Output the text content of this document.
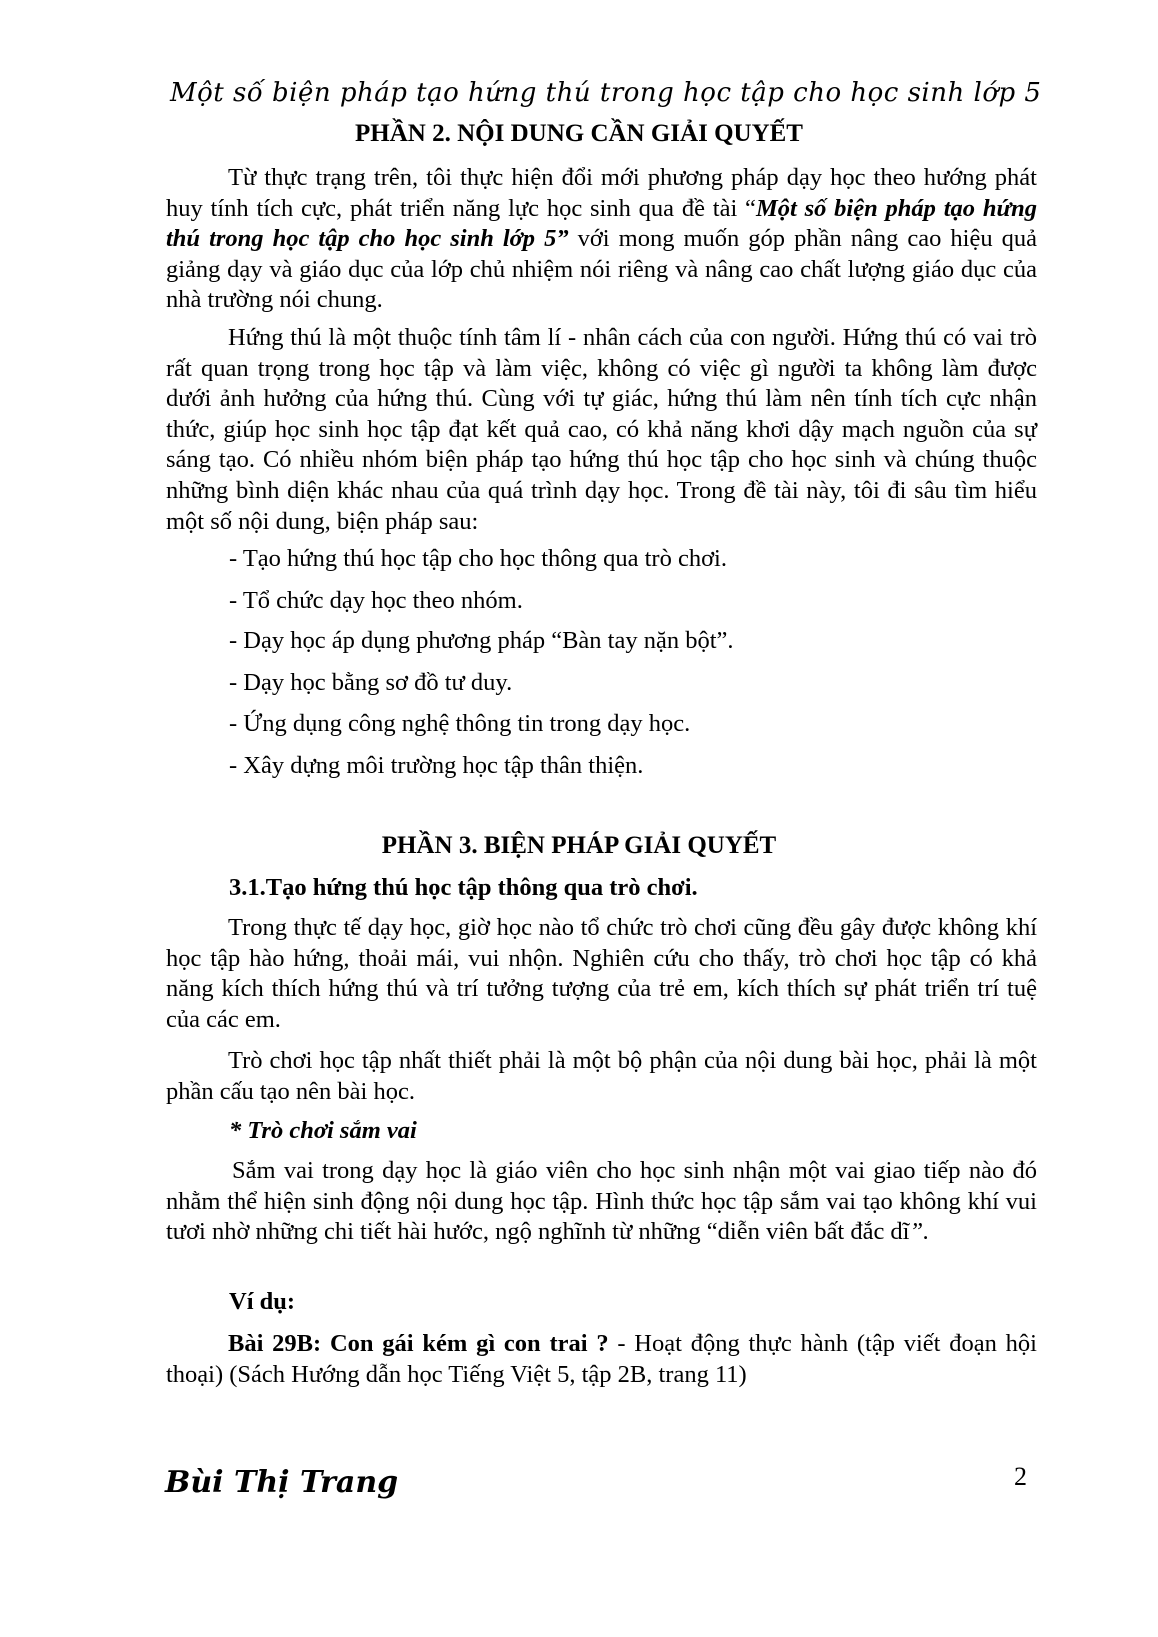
Một số biện pháp tạo hứng thú trong học tập cho học sinh lớp 5
PHẦN 2. NỘI DUNG CẦN GIẢI QUYẾT

Từ thực trạng trên, tôi thực hiện đổi mới phương pháp dạy học theo hướng phát huy tính tích cực, phát triển năng lực học sinh qua đề tài “Một số biện pháp tạo hứng thú trong học tập cho học sinh lớp 5” với mong muốn góp phần nâng cao hiệu quả giảng dạy và giáo dục của lớp chủ nhiệm nói riêng và nâng cao chất lượng giáo dục của nhà trường nói chung.

Hứng thú là một thuộc tính tâm lí - nhân cách của con người. Hứng thú có vai trò rất quan trọng trong học tập và làm việc, không có việc gì người ta không làm được dưới ảnh hưởng của hứng thú. Cùng với tự giác, hứng thú làm nên tính tích cực nhận thức, giúp học sinh học tập đạt kết quả cao, có khả năng khơi dậy mạch nguồn của sự sáng tạo. Có nhiều nhóm biện pháp tạo hứng thú học tập cho học sinh và chúng thuộc những bình diện khác nhau của quá trình dạy học. Trong đề tài này, tôi đi sâu tìm hiểu một số nội dung, biện pháp sau:

- Tạo hứng thú học tập cho học thông qua trò chơi.
- Tổ chức dạy học theo nhóm.
- Dạy học áp dụng phương pháp “Bàn tay nặn bột”.
- Dạy học bằng sơ đồ tư duy.
- Ứng dụng công nghệ thông tin trong dạy học.
- Xây dựng môi trường học tập thân thiện.
PHẦN 3. BIỆN PHÁP GIẢI QUYẾT
3.1.Tạo hứng thú học tập thông qua trò chơi.

Trong thực tế dạy học, giờ học nào tổ chức trò chơi cũng đều gây được không khí học tập hào hứng, thoải mái, vui nhộn. Nghiên cứu cho thấy, trò chơi học tập có khả năng kích thích hứng thú và trí tưởng tượng của trẻ em, kích thích sự phát triển trí tuệ của các em.

Trò chơi học tập nhất thiết phải là một bộ phận của nội dung bài học, phải là một phần cấu tạo nên bài học.

* Trò chơi sắm vai

Sắm vai trong dạy học là giáo viên cho học sinh nhận một vai giao tiếp nào đó nhằm thể hiện sinh động nội dung học tập. Hình thức học tập sắm vai tạo không khí vui tươi nhờ những chi tiết hài hước, ngộ nghĩnh từ những “diễn viên bất đắc dĩ”.

Ví dụ:

Bài 29B: Con gái kém gì con trai ? - Hoạt động thực hành (tập viết đoạn hội thoại) (Sách Hướng dẫn học Tiếng Việt 5, tập 2B, trang 11)

Bùi Thị Trang	2
